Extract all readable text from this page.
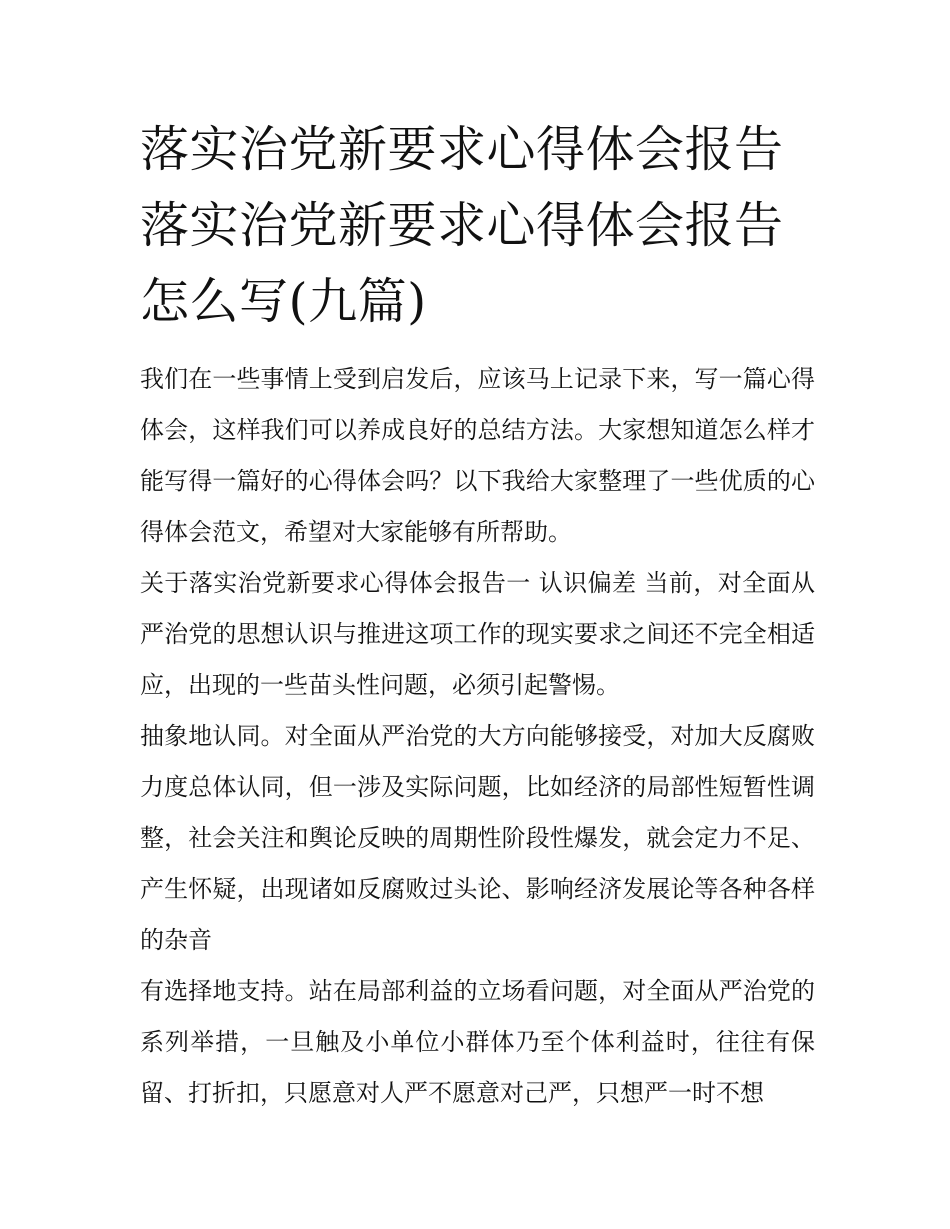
落实治党新要求心得体会报告落实治党新要求心得体会报告怎么写(九篇)

我们在一些事情上受到启发后，应该马上记录下来，写一篇心得体会，这样我们可以养成良好的总结方法。大家想知道怎么样才能写得一篇好的心得体会吗？以下我给大家整理了一些优质的心得体会范文，希望对大家能够有所帮助。

关于落实治党新要求心得体会报告一 认识偏差 当前，对全面从严治党的思想认识与推进这项工作的现实要求之间还不完全相适应，出现的一些苗头性问题，必须引起警惕。

抽象地认同。对全面从严治党的大方向能够接受，对加大反腐败力度总体认同，但一涉及实际问题，比如经济的局部性短暂性调整，社会关注和舆论反映的周期性阶段性爆发，就会定力不足、产生怀疑，出现诸如反腐败过头论、影响经济发展论等各种各样的杂音

有选择地支持。站在局部利益的立场看问题，对全面从严治党的系列举措，一旦触及小单位小群体乃至个体利益时，往往有保留、打折扣，只愿意对人严不愿意对己严，只想严一时不想
